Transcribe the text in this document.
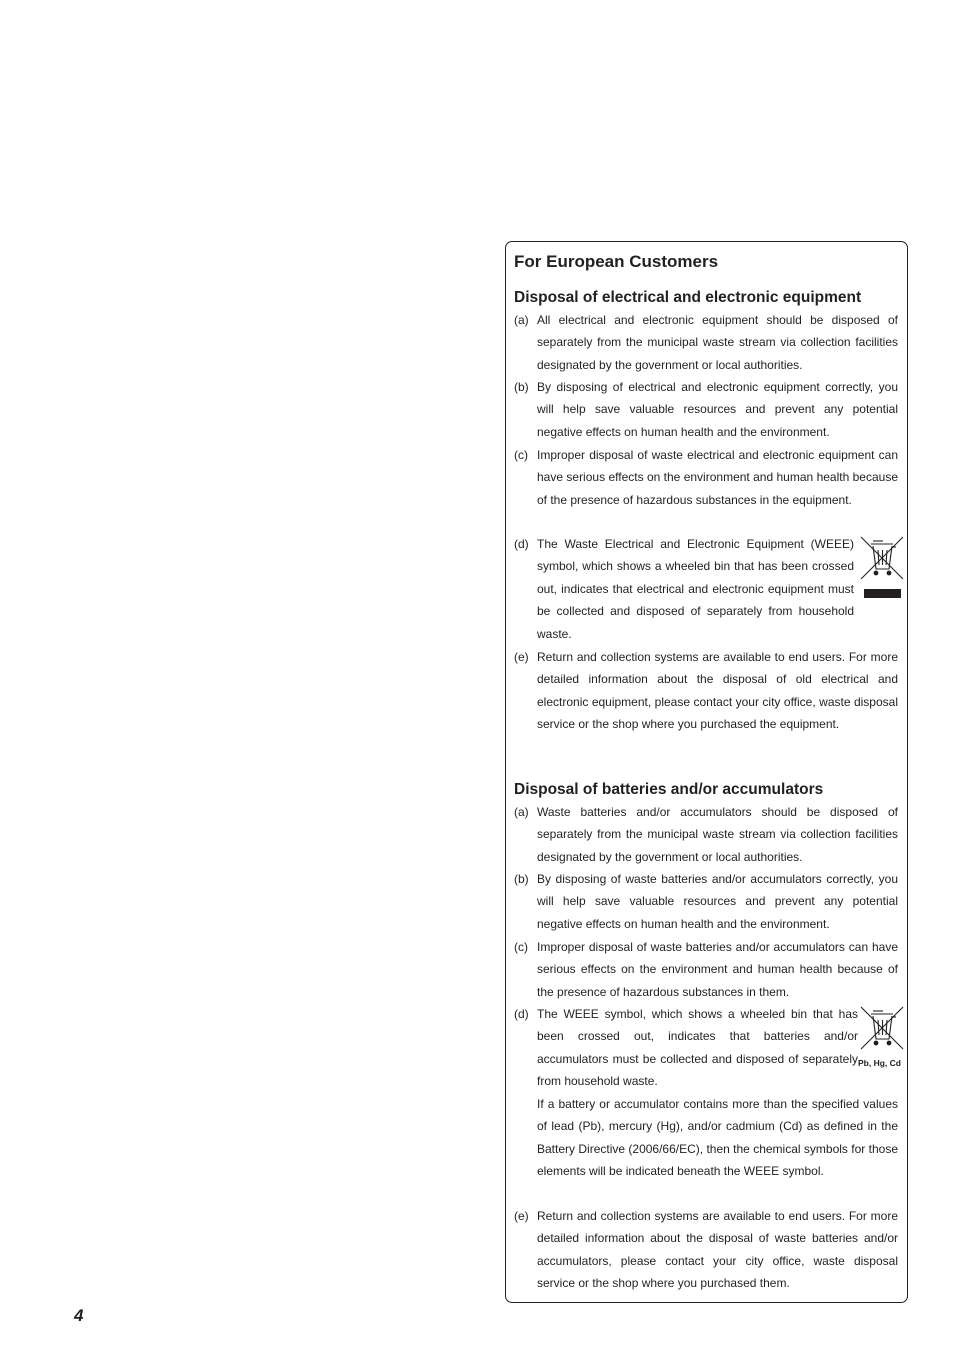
For European Customers
Disposal of electrical and electronic equipment
(a) All electrical and electronic equipment should be disposed of separately from the municipal waste stream via collection facilities designated by the government or local authorities.
(b) By disposing of electrical and electronic equipment correctly, you will help save valuable resources and prevent any potential negative effects on human health and the environment.
(c) Improper disposal of waste electrical and electronic equipment can have serious effects on the environment and human health because of the presence of hazardous substances in the equipment.
(d) The Waste Electrical and Electronic Equipment (WEEE) symbol, which shows a wheeled bin that has been crossed out, indicates that electrical and electronic equipment must be collected and disposed of separately from household waste.
(e) Return and collection systems are available to end users. For more detailed information about the disposal of old electrical and electronic equipment, please contact your city office, waste disposal service or the shop where you purchased the equipment.
Disposal of batteries and/or accumulators
(a) Waste batteries and/or accumulators should be disposed of separately from the municipal waste stream via collection facilities designated by the government or local authorities.
(b) By disposing of waste batteries and/or accumulators correctly, you will help save valuable resources and prevent any potential negative effects on human health and the environment.
(c) Improper disposal of waste batteries and/or accumulators can have serious effects on the environment and human health because of the presence of hazardous substances in them.
(d) The WEEE symbol, which shows a wheeled bin that has been crossed out, indicates that batteries and/or accumulators must be collected and disposed of separately from household waste.
If a battery or accumulator contains more than the specified values of lead (Pb), mercury (Hg), and/or cadmium (Cd) as defined in the Battery Directive (2006/66/EC), then the chemical symbols for those elements will be indicated beneath the WEEE symbol.
(e) Return and collection systems are available to end users. For more detailed information about the disposal of waste batteries and/or accumulators, please contact your city office, waste disposal service or the shop where you purchased them.
Pb, Hg, Cd
4
